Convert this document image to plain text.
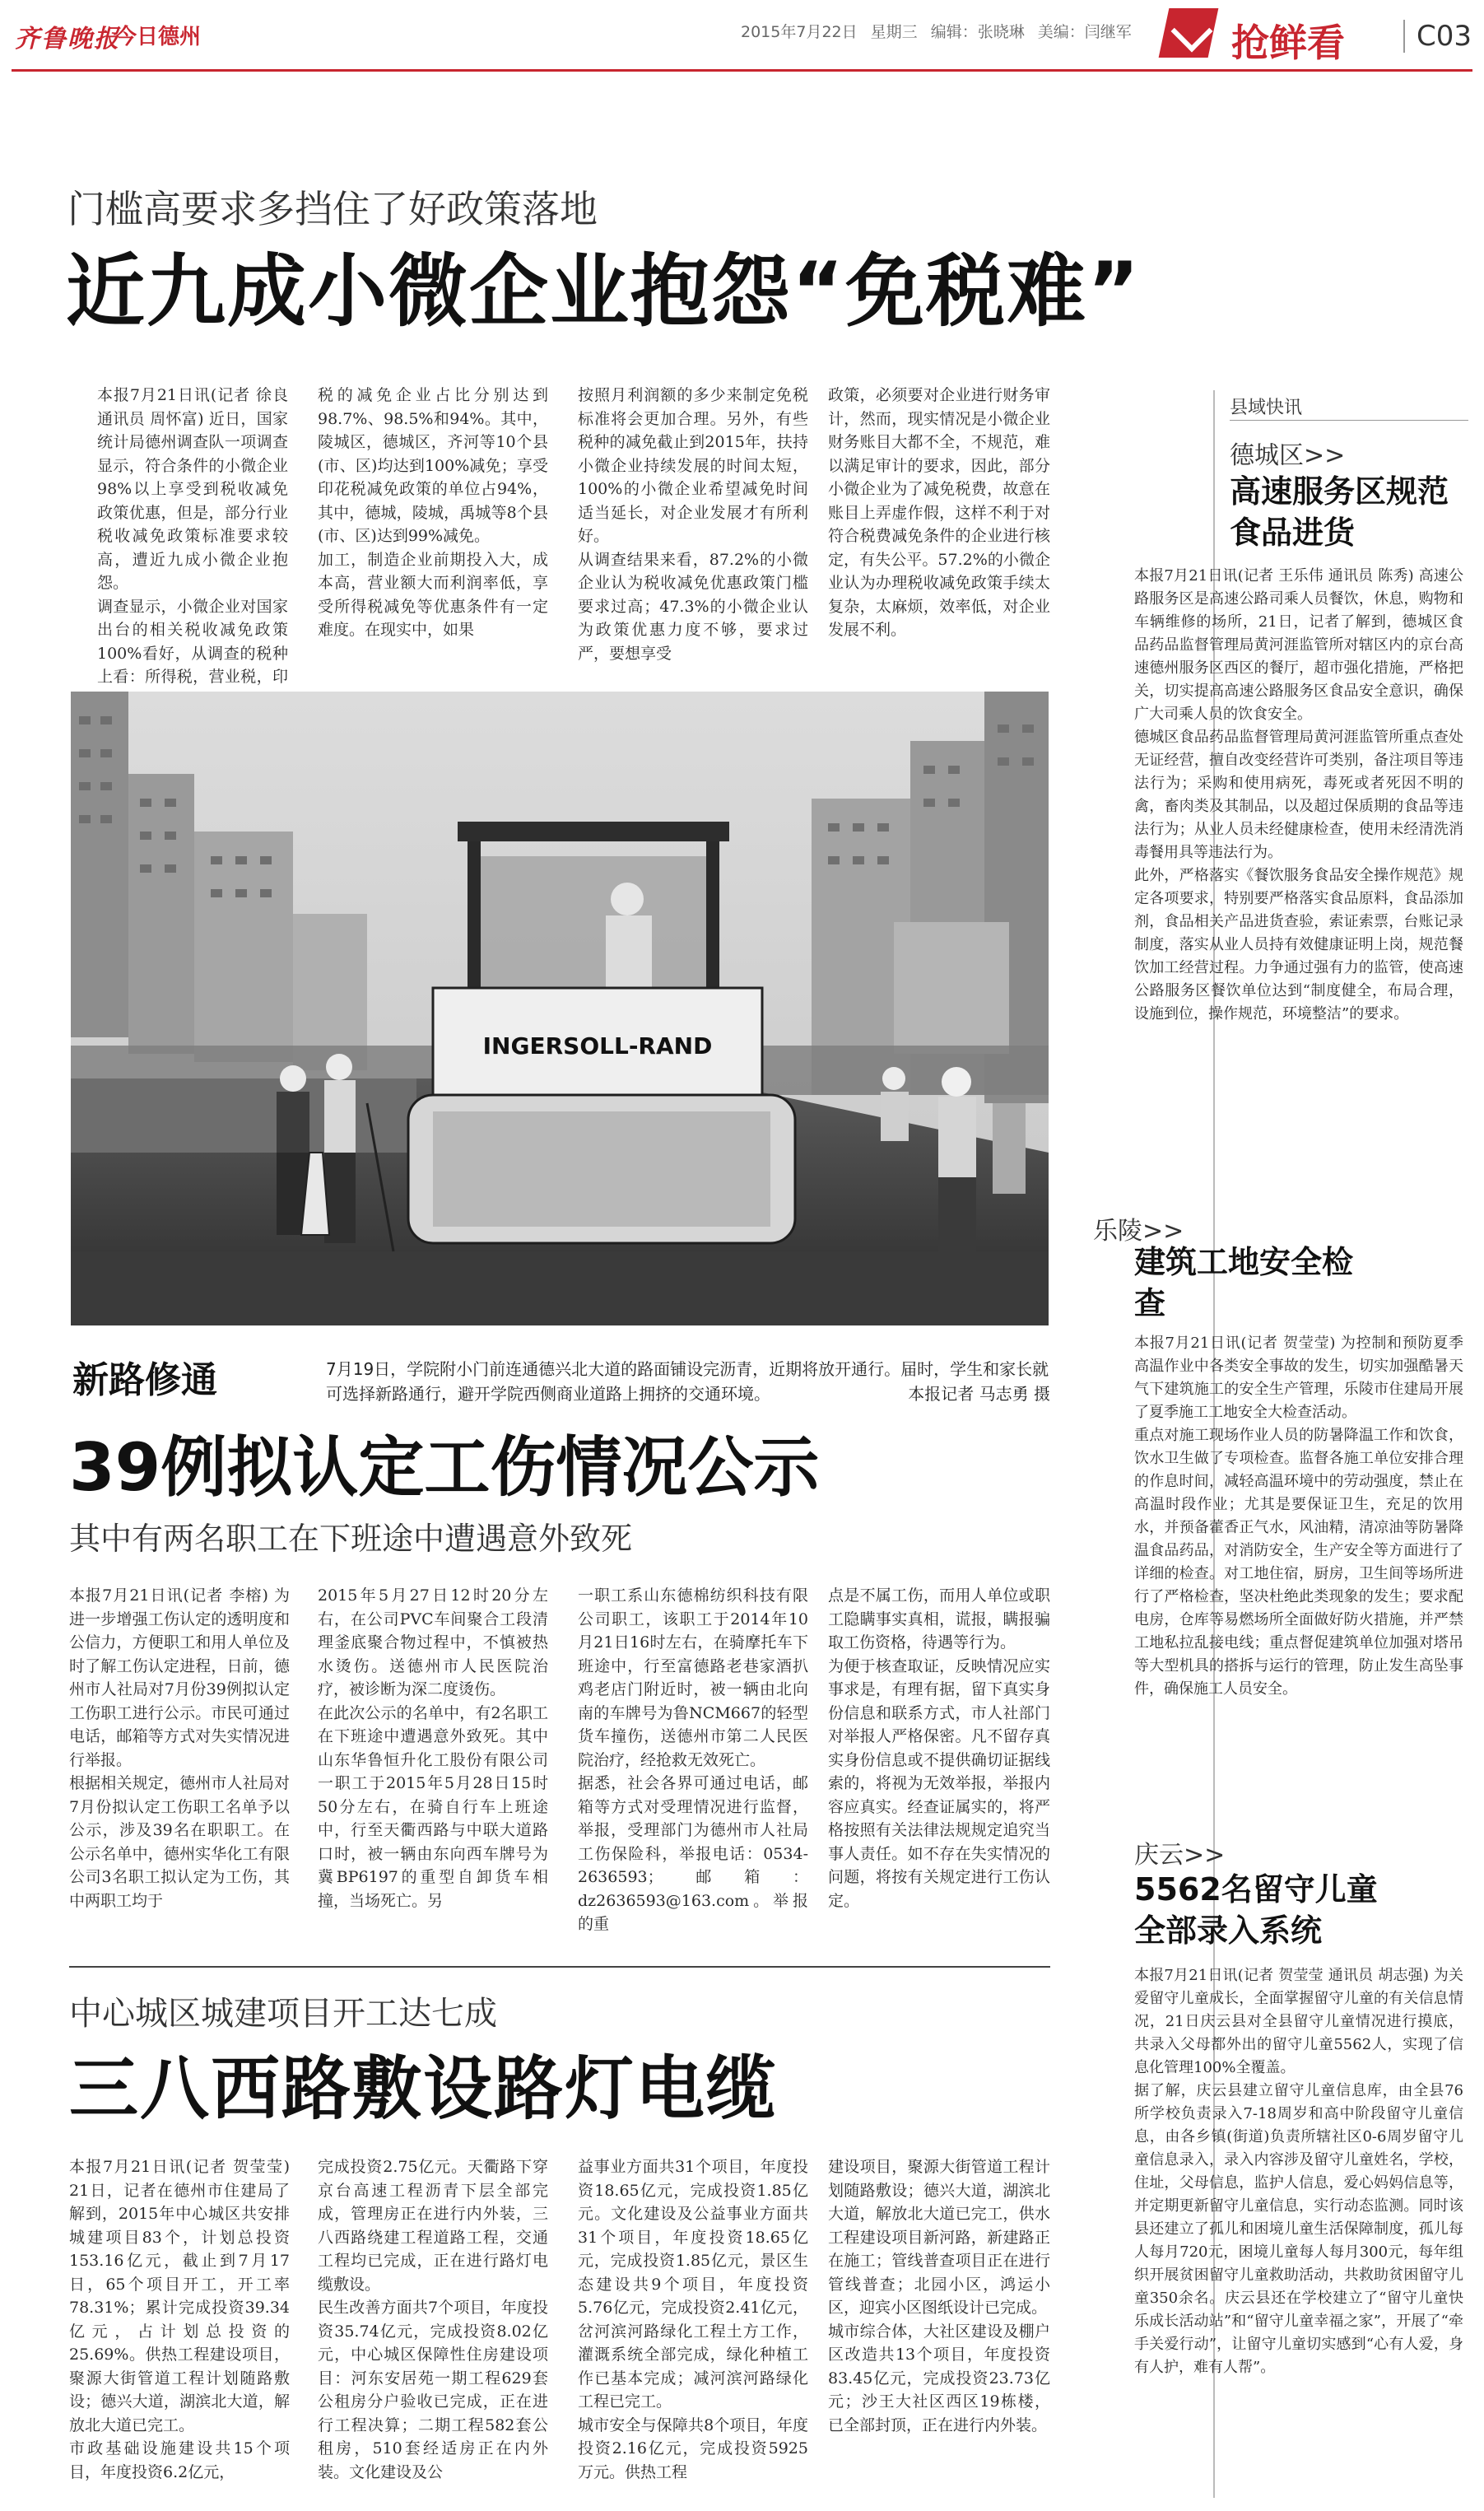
齐鲁晚报
今日德州	2015年7月22日 星期三 编辑：张晓琳 美编：闫继军	抢鲜看	C03
门槛高要求多挡住了好政策落地
近九成小微企业抱怨“免税难”
本报7月21日讯(记者 徐良 通讯员 周怀富) 近日，国家统计局德州调查队一项调查显示，符合条件的小微企业98%以上享受到税收减免政策优惠，但是，部分行业税收减免政策标准要求较高，遭近九成小微企业抱怨。
调查显示，小微企业对国家出台的相关税收减免政策100%看好，从调查的税种上看：所得税，营业税，印
税的减免企业占比分别达到98.7%、98.5%和94%。其中，陵城区，德城区，齐河等10个县(市、区)均达到100%减免；享受印花税减免政策的单位占94%，其中，德城，陵城，禹城等8个县(市、区)达到99%减免。
加工，制造企业前期投入大，成本高，营业额大而利润率低，享受所得税减免等优惠条件有一定难度。在现实中，如果
按照月利润额的多少来制定免税标准将会更加合理。另外，有些税种的减免截止到2015年，扶持小微企业持续发展的时间太短，100%的小微企业希望减免时间适当延长，对企业发展才有所利好。
从调查结果来看，87.2%的小微企业认为税收减免优惠政策门槛要求过高；47.3%的小微企业认为政策优惠力度不够，要求过严，要想享受
政策，必须要对企业进行财务审计，然而，现实情况是小微企业财务账目大都不全，不规范，难以满足审计的要求，因此，部分小微企业为了减免税费，故意在账目上弄虚作假，这样不利于对符合税费减免条件的企业进行核定，有失公平。57.2%的小微企业认为办理税收减免政策手续太复杂，太麻烦，效率低，对企业发展不利。
INGERSOLL-RAND
新路修通	7月19日，学院附小门前连通德兴北大道的路面铺设完沥青，近期将放开通行。届时，学生和家长就可选择新路通行，避开学院西侧商业道路上拥挤的交通环境。	本报记者 马志勇 摄
39例拟认定工伤情况公示
其中有两名职工在下班途中遭遇意外致死
本报7月21日讯(记者 李榕) 为进一步增强工伤认定的透明度和公信力，方便职工和用人单位及时了解工伤认定进程，日前，德州市人社局对7月份39例拟认定工伤职工进行公示。市民可通过电话，邮箱等方式对失实情况进行举报。
根据相关规定，德州市人社局对7月份拟认定工伤职工名单予以公示，涉及39名在职职工。在公示名单中，德州实华化工有限公司3名职工拟认定为工伤，其中两职工均于
2015年5月27日12时20分左右，在公司PVC车间聚合工段清理釜底聚合物过程中，不慎被热水烫伤。送德州市人民医院治疗，被诊断为深二度烫伤。
在此次公示的名单中，有2名职工在下班途中遭遇意外致死。其中山东华鲁恒升化工股份有限公司一职工于2015年5月28日15时50分左右，在骑自行车上班途中，行至天衢西路与中联大道路口时，被一辆由东向西车牌号为冀BP6197的重型自卸货车相撞，当场死亡。另
一职工系山东德棉纺织科技有限公司职工，该职工于2014年10月21日16时左右，在骑摩托车下班途中，行至富德路老巷家酒扒鸡老店门附近时，被一辆由北向南的车牌号为鲁NCM667的轻型货车撞伤，送德州市第二人民医院治疗，经抢救无效死亡。
据悉，社会各界可通过电话，邮箱等方式对受理情况进行监督，举报，受理部门为德州市人社局工伤保险科，举报电话：0534-2636593；邮箱：dz2636593@163.com。举报的重
点是不属工伤，而用人单位或职工隐瞒事实真相，谎报，瞒报骗取工伤资格，待遇等行为。
为便于核查取证，反映情况应实事求是，有理有据，留下真实身份信息和联系方式，市人社部门对举报人严格保密。凡不留存真实身份信息或不提供确切证据线索的，将视为无效举报，举报内容应真实。经查证属实的，将严格按照有关法律法规规定追究当事人责任。如不存在失实情况的问题，将按有关规定进行工伤认定。
中心城区城建项目开工达七成
三八西路敷设路灯电缆
本报7月21日讯(记者 贺莹莹) 21日，记者在德州市住建局了解到，2015年中心城区共安排城建项目83个，计划总投资153.16亿元，截止到7月17日，65个项目开工，开工率78.31%；累计完成投资39.34亿元，占计划总投资的25.69%。供热工程建设项目，聚源大街管道工程计划随路敷设；德兴大道，湖滨北大道，解放北大道已完工。
市政基础设施建设共15个项目，年度投资6.2亿元，
完成投资2.75亿元。天衢路下穿京台高速工程沥青下层全部完成，管理房正在进行内外装，三八西路绕建工程道路工程，交通工程均已完成，正在进行路灯电缆敷设。
民生改善方面共7个项目，年度投资35.74亿元，完成投资8.02亿元，中心城区保障性住房建设项目：河东安居苑一期工程629套公租房分户验收已完成，正在进行工程决算；二期工程582套公租房，510套经适房正在内外装。文化建设及公
益事业方面共31个项目，年度投资18.65亿元，完成投资1.85亿元。文化建设及公益事业方面共31个项目，年度投资18.65亿元，完成投资1.85亿元，景区生态建设共9个项目，年度投资5.76亿元，完成投资2.41亿元，岔河滨河路绿化工程土方工作，灌溉系统全部完成，绿化种植工作已基本完成；减河滨河路绿化工程已完工。
城市安全与保障共8个项目，年度投资2.16亿元，完成投资5925万元。供热工程
建设项目，聚源大街管道工程计划随路敷设；德兴大道，湖滨北大道，解放北大道已完工，供水工程建设项目新河路，新建路正在施工；管线普查项目正在进行管线普查；北园小区，鸿运小区，迎宾小区图纸设计已完成。
城市综合体，大社区建设及棚户区改造共13个项目，年度投资83.45亿元，完成投资23.73亿元；沙王大社区西区19栋楼，已全部封顶，正在进行内外装。
县域快讯
德城区>>
高速服务区规范食品进货
本报7月21日讯(记者 王乐伟 通讯员 陈秀) 高速公路服务区是高速公路司乘人员餐饮，休息，购物和车辆维修的场所，21日，记者了解到，德城区食品药品监督管理局黄河涯监管所对辖区内的京台高速德州服务区西区的餐厅，超市强化措施，严格把关，切实提高高速公路服务区食品安全意识，确保广大司乘人员的饮食安全。
德城区食品药品监督管理局黄河涯监管所重点查处无证经营，擅自改变经营许可类别，备注项目等违法行为；采购和使用病死，毒死或者死因不明的禽，畜肉类及其制品，以及超过保质期的食品等违法行为；从业人员未经健康检查，使用未经清洗消毒餐用具等违法行为。
此外，严格落实《餐饮服务食品安全操作规范》规定各项要求，特别要严格落实食品原料，食品添加剂，食品相关产品进货查验，索证索票，台账记录制度，落实从业人员持有效健康证明上岗，规范餐饮加工经营过程。力争通过强有力的监管，使高速公路服务区餐饮单位达到“制度健全，布局合理，设施到位，操作规范，环境整洁”的要求。
乐陵>>
建筑工地安全检查
本报7月21日讯(记者 贺莹莹) 为控制和预防夏季高温作业中各类安全事故的发生，切实加强酷暑天气下建筑施工的安全生产管理，乐陵市住建局开展了夏季施工工地安全大检查活动。
重点对施工现场作业人员的防暑降温工作和饮食，饮水卫生做了专项检查。监督各施工单位安排合理的作息时间，减轻高温环境中的劳动强度，禁止在高温时段作业；尤其是要保证卫生，充足的饮用水，并预备藿香正气水，风油精，清凉油等防暑降温食品药品，对消防安全，生产安全等方面进行了详细的检查。对工地住宿，厨房，卫生间等场所进行了严格检查，坚决杜绝此类现象的发生；要求配电房，仓库等易燃场所全面做好防火措施，并严禁工地私拉乱接电线；重点督促建筑单位加强对塔吊等大型机具的搭拆与运行的管理，防止发生高坠事件，确保施工人员安全。
庆云>>
5562名留守儿童全部录入系统
本报7月21日讯(记者 贺莹莹 通讯员 胡志强) 为关爱留守儿童成长，全面掌握留守儿童的有关信息情况，21日庆云县对全县留守儿童情况进行摸底，共录入父母都外出的留守儿童5562人，实现了信息化管理100%全覆盖。
据了解，庆云县建立留守儿童信息库，由全县76所学校负责录入7-18周岁和高中阶段留守儿童信息，由各乡镇(街道)负责所辖社区0-6周岁留守儿童信息录入，录入内容涉及留守儿童姓名，学校，住址，父母信息，监护人信息，爱心妈妈信息等，并定期更新留守儿童信息，实行动态监测。同时该县还建立了孤儿和困境儿童生活保障制度，孤儿每人每月720元，困境儿童每人每月300元，每年组织开展贫困留守儿童救助活动，共救助贫困留守儿童350余名。庆云县还在学校建立了“留守儿童快乐成长活动站”和“留守儿童幸福之家”，开展了“牵手关爱行动”，让留守儿童切实感到“心有人爱，身有人护，难有人帮”。
